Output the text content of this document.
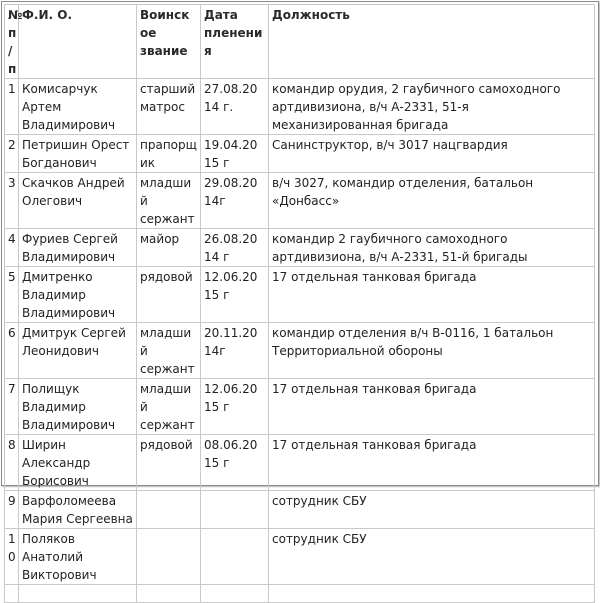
№ п/п	Ф.И. О.	Воинское звание	Дата пленения	Должность
1	Комисарчук Артем Владимирович	старший матрос	27.08.2014 г.	командир орудия, 2 гаубичного самоходного артдивизиона, в/ч А-2331, 51-я механизированная бригада
2	Петришин Орест Богданович	прапорщик	19.04.2015 г	Санинструктор, в/ч 3017 нацгвардия
3	Скачков Андрей Олегович	младший сержант	29.08.2014г	в/ч 3027, командир отделения, батальон «Донбасс»
4	Фуриев Сергей Владимирович	майор	26.08.2014 г	командир 2 гаубичного самоходного артдивизиона, в/ч А-2331, 51-й бригады
5	Дмитренко Владимир Владимирович	рядовой	12.06.2015 г	17 отдельная танковая бригада
6	Дмитрук Сергей Леонидович	младший сержант	20.11.2014г	командир отделения в/ч В-0116, 1 батальон Территориальной обороны
7	Полищук Владимир Владимирович	младший сержант	12.06.2015 г	17 отдельная танковая бригада
8	Ширин Александр Борисович	рядовой	08.06.2015 г	17 отдельная танковая бригада
9	Варфоломеева Мария Сергеевна			сотрудник СБУ
10	Поляков Анатолий Викторович			сотрудник СБУ
